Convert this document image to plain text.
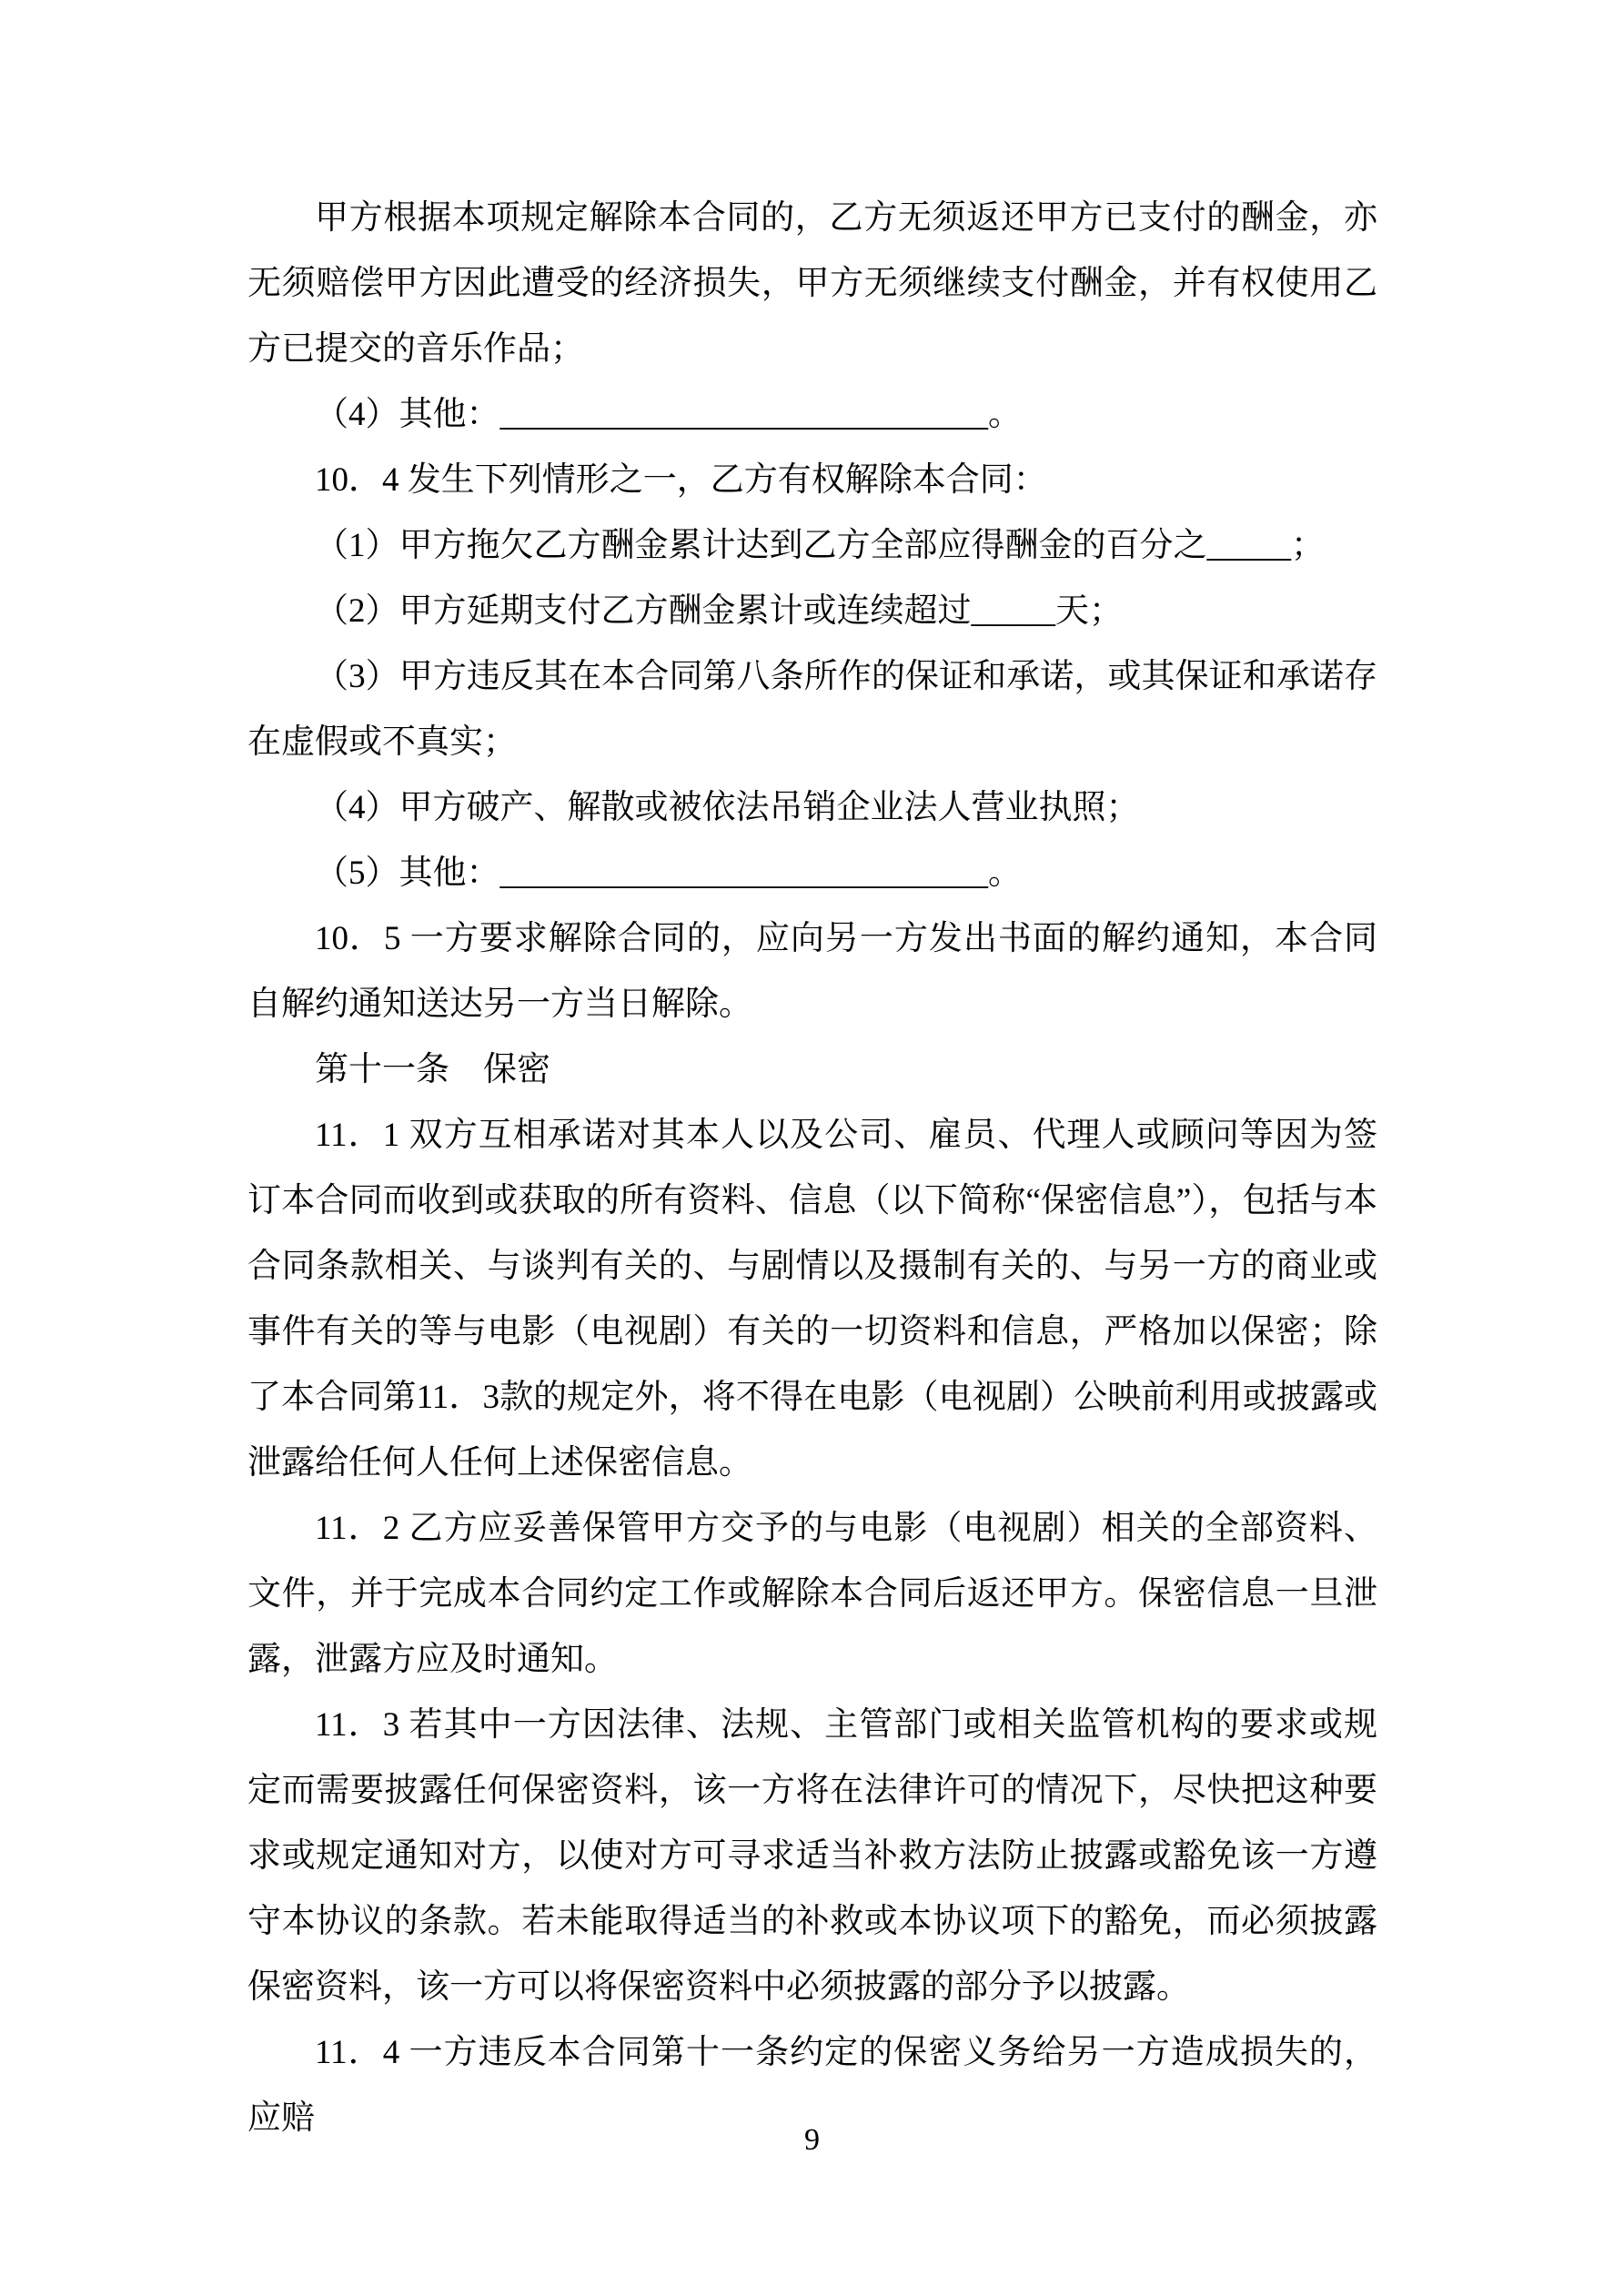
甲方根据本项规定解除本合同的，乙方无须返还甲方已支付的酬金，亦无须赔偿甲方因此遭受的经济损失，甲方无须继续支付酬金，并有权使用乙方已提交的音乐作品；

（4）其他：_____________________________。

10．4 发生下列情形之一，乙方有权解除本合同：

（1）甲方拖欠乙方酬金累计达到乙方全部应得酬金的百分之_____；

（2）甲方延期支付乙方酬金累计或连续超过_____天；

（3）甲方违反其在本合同第八条所作的保证和承诺，或其保证和承诺存在虚假或不真实；

（4）甲方破产、解散或被依法吊销企业法人营业执照；

（5）其他：_____________________________。

10．5 一方要求解除合同的，应向另一方发出书面的解约通知，本合同自解约通知送达另一方当日解除。

第十一条　保密

11．1 双方互相承诺对其本人以及公司、雇员、代理人或顾问等因为签订本合同而收到或获取的所有资料、信息（以下简称“保密信息”），包括与本合同条款相关、与谈判有关的、与剧情以及摄制有关的、与另一方的商业或事件有关的等与电影（电视剧）有关的一切资料和信息，严格加以保密；除了本合同第11．3款的规定外，将不得在电影（电视剧）公映前利用或披露或泄露给任何人任何上述保密信息。

11．2 乙方应妥善保管甲方交予的与电影（电视剧）相关的全部资料、文件，并于完成本合同约定工作或解除本合同后返还甲方。保密信息一旦泄露，泄露方应及时通知。

11．3 若其中一方因法律、法规、主管部门或相关监管机构的要求或规定而需要披露任何保密资料，该一方将在法律许可的情况下，尽快把这种要求或规定通知对方，以使对方可寻求适当补救方法防止披露或豁免该一方遵守本协议的条款。若未能取得适当的补救或本协议项下的豁免，而必须披露保密资料，该一方可以将保密资料中必须披露的部分予以披露。

11．4 一方违反本合同第十一条约定的保密义务给另一方造成损失的，应赔

9
